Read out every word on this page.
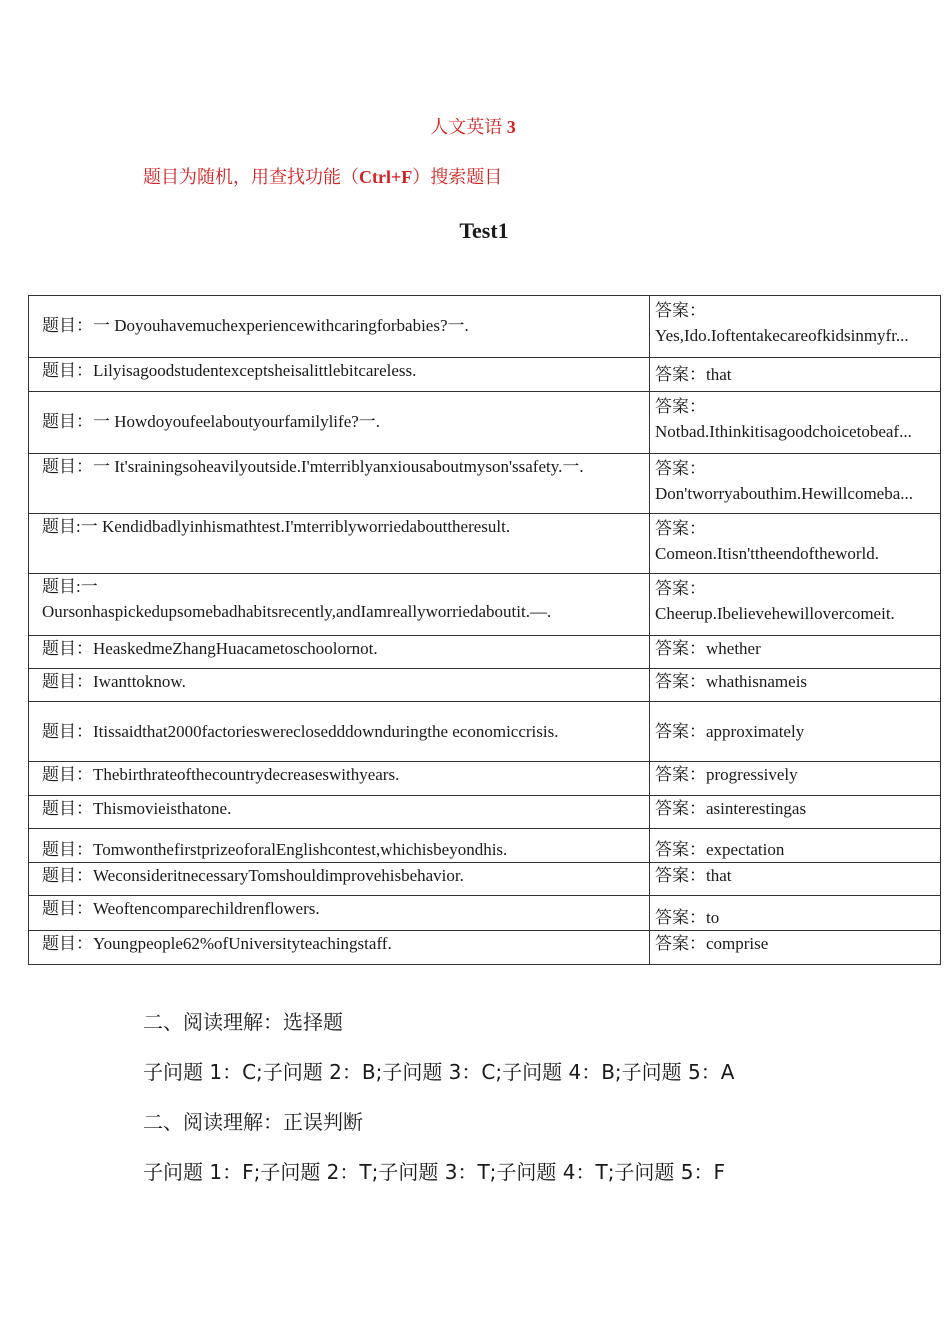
人文英语 3
题目为随机，用查找功能（Ctrl+F）搜索题目
Test1
题目：一 Doyouhavemuchexperiencewithcaringforbabies?一.	答案：
Yes,Ido.Ioftentakecareofkidsinmyfr...

题目：Lilyisagoodstudentexceptsheisalittlebitcareless.	答案：that

题目：一 Howdoyoufeelaboutyourfamilylife?一.	答案：
Notbad.Ithinkitisagoodchoicetobeaf...

题目：一 It'srainingsoheavilyoutside.I'mterriblyanxiousaboutmyson'ssafety.一.	答案：
Don'tworryabouthim.Hewillcomeba...

题目:一 Kendidbadlyinhismathtest.I'mterriblyworriedabouttheresult.	答案：
Comeon.Itisn'ttheendoftheworld.

题目:一
Oursonhaspickedupsomebadhabitsrecently,andIamreallyworriedaboutit.—.	答案：
Cheerup.Ibelievehewillovercomeit.

题目：HeaskedmeZhangHuacametoschoolornot.	答案：whether

题目：Iwanttoknow.	答案：whathisnameis

题目：Itissaidthat2000factorieswereclosedddownduringthe economiccrisis.	答案：approximately

题目：Thebirthrateofthecountrydecreaseswithyears.	答案：progressively

题目：Thismovieisthatone.	答案：asinterestingas

题目：TomwonthefirstprizeoforalEnglishcontest,whichisbeyondhis.	答案：expectation

题目：WeconsideritnecessaryTomshouldimprovehisbehavior.	答案：that

题目：Weoftencomparechildrenflowers.	答案：to

题目：Youngpeople62%ofUniversityteachingstaff.	答案：comprise
二、阅读理解：选择题
子问题 1：C;子问题 2：B;子问题 3：C;子问题 4：B;子问题 5：A
二、阅读理解：正误判断
子问题 1：F;子问题 2：T;子问题 3：T;子问题 4：T;子问题 5：F
